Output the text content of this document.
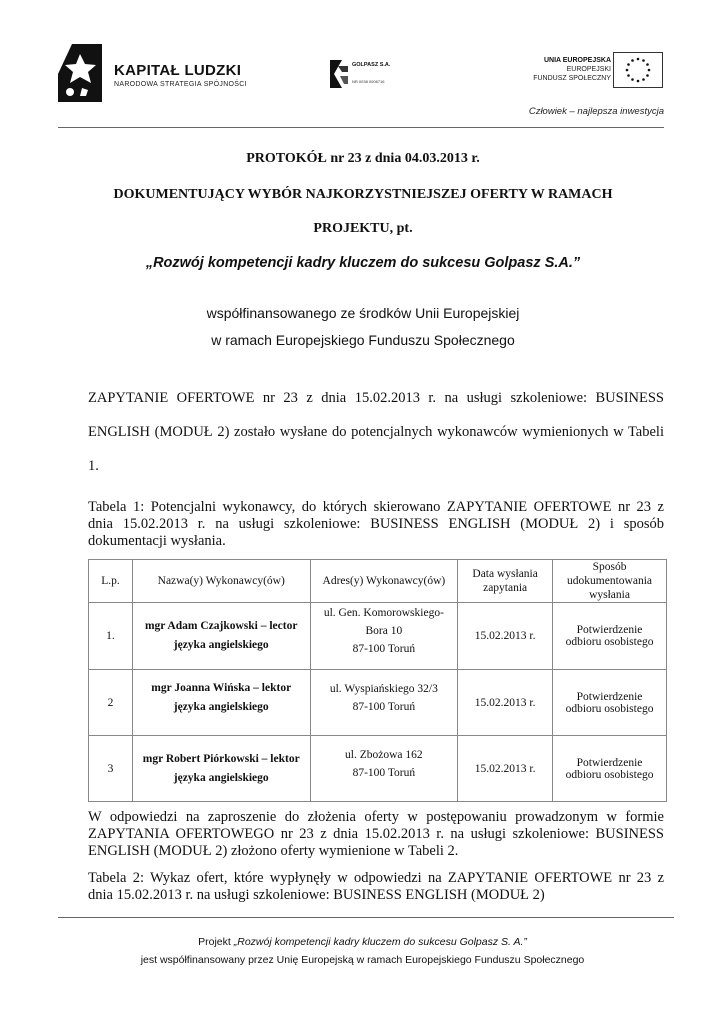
KAPITAŁ LUDZKI
NARODOWA STRATEGIA SPÓJNOŚCI
GOLPASZ S.A.
NR 0038 0006716
UNIA EUROPEJSKA
EUROPEJSKI
FUNDUSZ SPOŁECZNY
Człowiek – najlepsza inwestycja
PROTOKÓŁ nr 23 z dnia 04.03.2013 r.
DOKUMENTUJĄCY WYBÓR NAJKORZYSTNIEJSZEJ OFERTY W RAMACH
PROJEKTU, pt.
„Rozwój kompetencji kadry kluczem do sukcesu Golpasz S.A.”
współfinansowanego ze środków Unii Europejskiej
w ramach Europejskiego Funduszu Społecznego
ZAPYTANIE OFERTOWE nr 23 z dnia 15.02.2013 r. na usługi szkoleniowe: BUSINESS
ENGLISH (MODUŁ 2) zostało wysłane do potencjalnych wykonawców wymienionych w Tabeli
1.
Tabela 1: Potencjalni wykonawcy, do których skierowano ZAPYTANIE OFERTOWE nr 23 z
dnia 15.02.2013 r. na usługi szkoleniowe: BUSINESS ENGLISH (MODUŁ 2) i sposób
dokumentacji wysłania.
L.p.	Nazwa(y) Wykonawcy(ów)	Adres(y) Wykonawcy(ów)	Data wysłania
zapytania	Sposób
udokumentowania
wysłania
1.	mgr Adam Czajkowski – lector
języka angielskiego	ul. Gen. Komorowskiego-
Bora 10
87-100 Toruń	15.02.2013 r.	Potwierdzenie
odbioru osobistego
2	mgr Joanna Wińska – lektor
języka angielskiego	ul. Wyspiańskiego 32/3
87-100 Toruń	15.02.2013 r.	Potwierdzenie
odbioru osobistego
3	mgr Robert Piórkowski – lektor
języka angielskiego	ul. Zbożowa 162
87-100 Toruń	15.02.2013 r.	Potwierdzenie
odbioru osobistego
W odpowiedzi na zaproszenie do złożenia oferty w postępowaniu prowadzonym w formie
ZAPYTANIA OFERTOWEGO nr 23 z dnia 15.02.2013 r. na usługi szkoleniowe: BUSINESS
ENGLISH (MODUŁ 2) złożono oferty wymienione w Tabeli 2.
Tabela 2: Wykaz ofert, które wypłynęły w odpowiedzi na ZAPYTANIE OFERTOWE nr 23 z
dnia 15.02.2013 r. na usługi szkoleniowe: BUSINESS ENGLISH (MODUŁ 2)
Projekt „Rozwój kompetencji kadry kluczem do sukcesu Golpasz S. A.”
jest współfinansowany przez Unię Europejską w ramach Europejskiego Funduszu Społecznego
